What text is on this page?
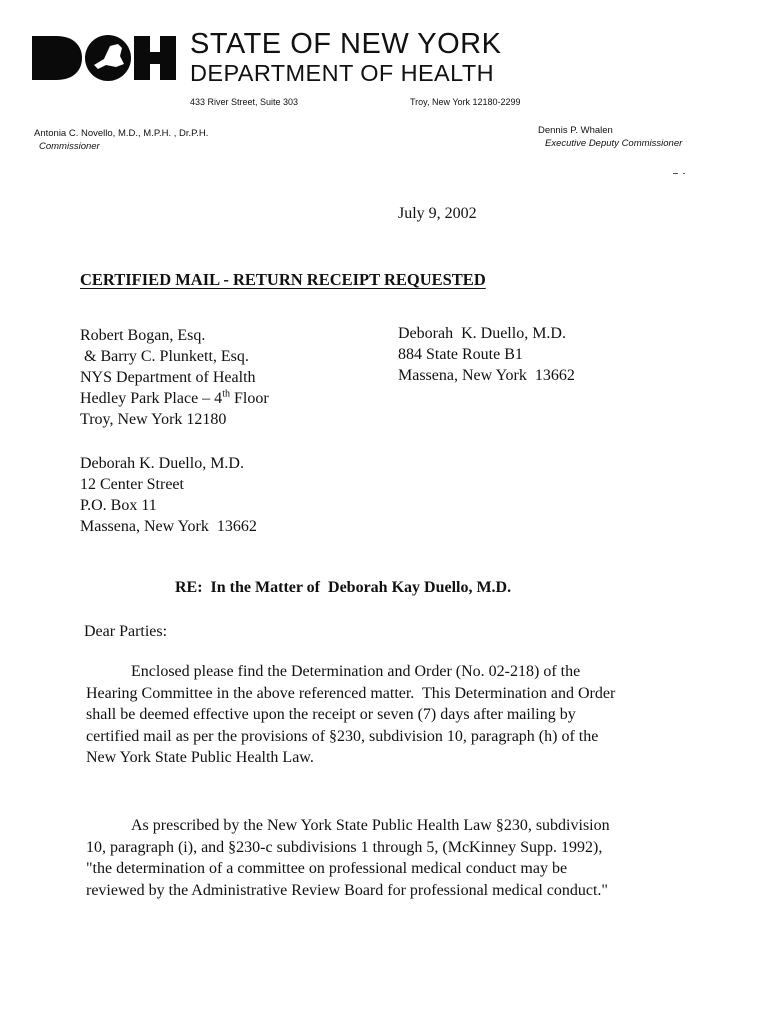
STATE OF NEW YORK
DEPARTMENT OF HEALTH
433 River Street, Suite 303	Troy, New York 12180-2299
Antonia C. Novello, M.D., M.P.H. , Dr.P.H.
Commissioner
Dennis P. Whalen
Executive Deputy Commissioner
July 9, 2002
CERTIFIED MAIL - RETURN RECEIPT REQUESTED
Robert Bogan, Esq.
& Barry C. Plunkett, Esq.
NYS Department of Health
Hedley Park Place – 4th Floor
Troy, New York 12180
Deborah  K. Duello, M.D.
884 State Route B1
Massena, New York  13662
Deborah K. Duello, M.D.
12 Center Street
P.O. Box 11
Massena, New York  13662
RE:  In the Matter of  Deborah Kay Duello, M.D.
Dear Parties:
Enclosed please find the Determination and Order (No. 02-218) of the
Hearing Committee in the above referenced matter.  This Determination and Order
shall be deemed effective upon the receipt or seven (7) days after mailing by
certified mail as per the provisions of §230, subdivision 10, paragraph (h) of the
New York State Public Health Law.
As prescribed by the New York State Public Health Law §230, subdivision
10, paragraph (i), and §230-c subdivisions 1 through 5, (McKinney Supp. 1992),
"the determination of a committee on professional medical conduct may be
reviewed by the Administrative Review Board for professional medical conduct."
